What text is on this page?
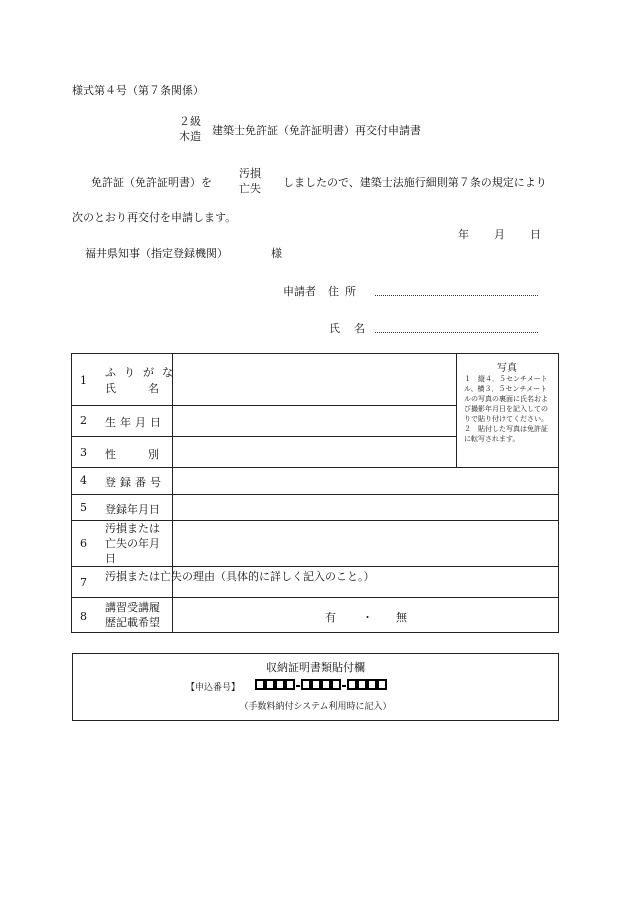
様式第４号（第７条関係）
２級
木造 建築士免許証（免許証明書）再交付申請書
免許証（免許証明書）を
汚損
亡失 しましたので、建築士法施行細則第７条の規定により
次のとおり再交付を申請します。
年 月 日
福井県知事（指定登録機関）	様
申請者 住所
氏名
1
ふりがな
氏名
2 生年月日
3 性別
写真
１　縦４．５センチメートル、横３．５センチメートルの写真の裏面に氏名および撮影年月日を記入してのりで貼り付けてください。
２　貼付した写真は免許証に転写されます。
4 登録番号
5 登録年月日
6
汚損または
亡失の年月
日
7 汚損または亡失の理由（具体的に詳しく記入のこと。）
8
講習受講履
歴記載希望	有 ・ 無
収納証明書類貼付欄
【申込番号】
（手数料納付システム利用時に記入）
